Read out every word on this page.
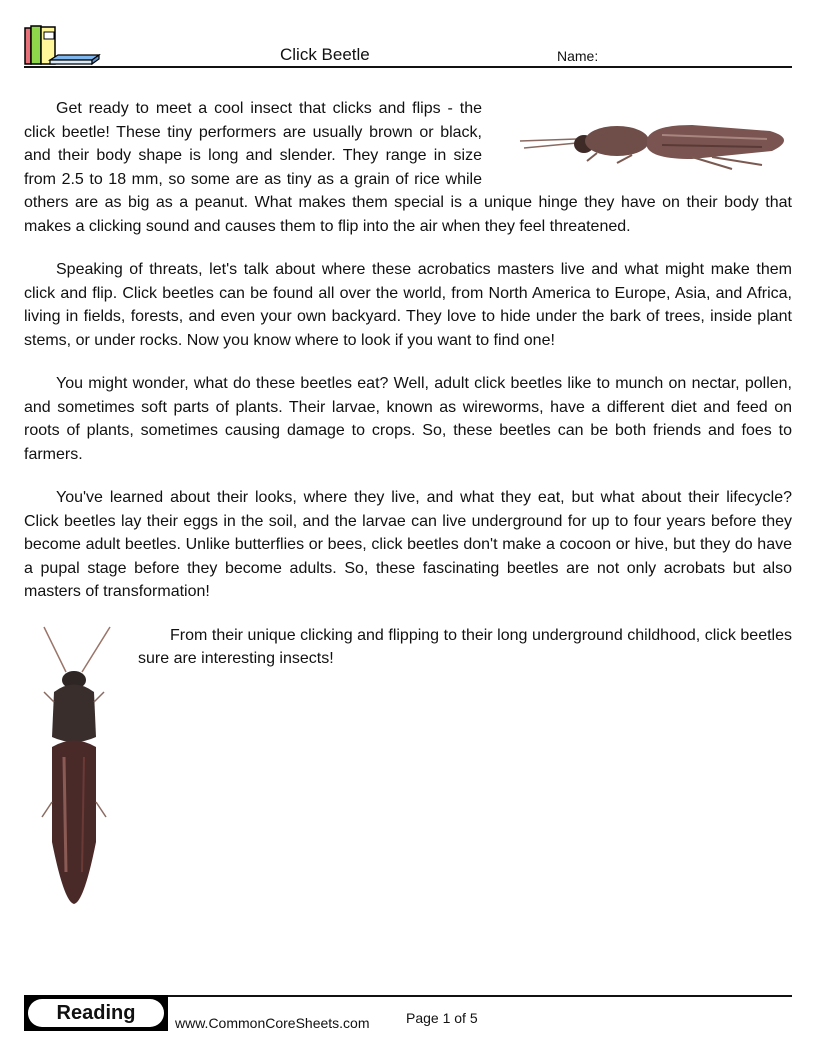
Click Beetle	Name:

Get ready to meet a cool insect that clicks and flips - the click beetle! These tiny performers are usually brown or black, and their body shape is long and slender. They range in size from 2.5 to 18 mm, so some are as tiny as a grain of rice while others are as big as a peanut. What makes them special is a unique hinge they have on their body that makes a clicking sound and causes them to flip into the air when they feel threatened.

Speaking of threats, let's talk about where these acrobatics masters live and what might make them click and flip. Click beetles can be found all over the world, from North America to Europe, Asia, and Africa, living in fields, forests, and even your own backyard. They love to hide under the bark of trees, inside plant stems, or under rocks. Now you know where to look if you want to find one!

You might wonder, what do these beetles eat? Well, adult click beetles like to munch on nectar, pollen, and sometimes soft parts of plants. Their larvae, known as wireworms, have a different diet and feed on roots of plants, sometimes causing damage to crops. So, these beetles can be both friends and foes to farmers.

You've learned about their looks, where they live, and what they eat, but what about their lifecycle? Click beetles lay their eggs in the soil, and the larvae can live underground for up to four years before they become adult beetles. Unlike butterflies or bees, click beetles don't make a cocoon or hive, but they do have a pupal stage before they become adults. So, these fascinating beetles are not only acrobats but also masters of transformation!

From their unique clicking and flipping to their long underground childhood, click beetles sure are interesting insects!

Reading	www.CommonCoreSheets.com	Page 1 of 5
